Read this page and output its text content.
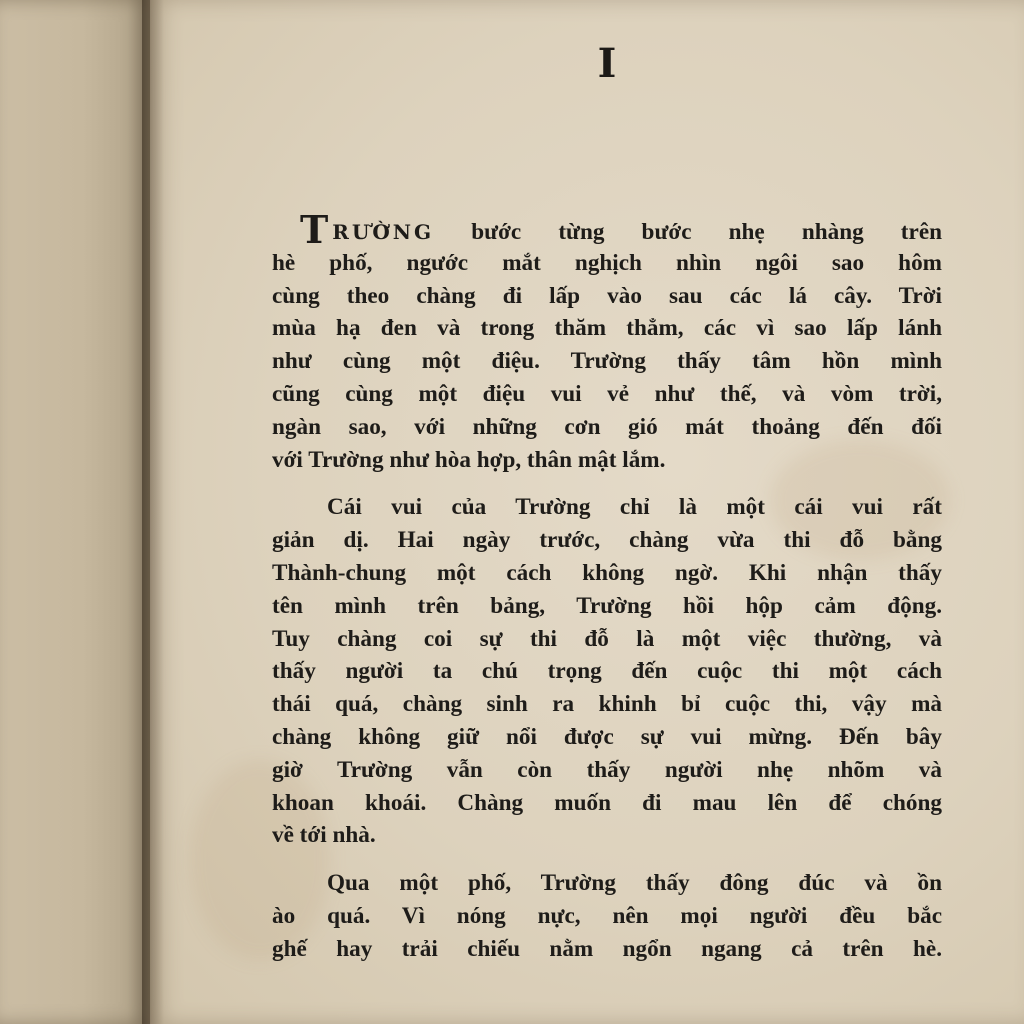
I
TRƯỜNG bước từng bước nhẹ nhàng trên
hè phố, ngước mắt nghịch nhìn ngôi sao hôm
cùng theo chàng đi lấp vào sau các lá cây. Trời
mùa hạ đen và trong thăm thẳm, các vì sao lấp lánh
như cùng một điệu. Trường thấy tâm hồn mình
cũng cùng một điệu vui vẻ như thế, và vòm trời,
ngàn sao, với những cơn gió mát thoảng đến đối
với Trường như hòa hợp, thân mật lắm.
Cái vui của Trường chỉ là một cái vui rất
giản dị. Hai ngày trước, chàng vừa thi đỗ bằng
Thành-chung một cách không ngờ. Khi nhận thấy
tên mình trên bảng, Trường hồi hộp cảm động.
Tuy chàng coi sự thi đỗ là một việc thường, và
thấy người ta chú trọng đến cuộc thi một cách
thái quá, chàng sinh ra khinh bỉ cuộc thi, vậy mà
chàng không giữ nổi được sự vui mừng. Đến bây
giờ Trường vẫn còn thấy người nhẹ nhõm và
khoan khoái. Chàng muốn đi mau lên để chóng
về tới nhà.
Qua một phố, Trường thấy đông đúc và ồn
ào quá. Vì nóng nực, nên mọi người đều bắc
ghế hay trải chiếu nằm ngổn ngang cả trên hè.
